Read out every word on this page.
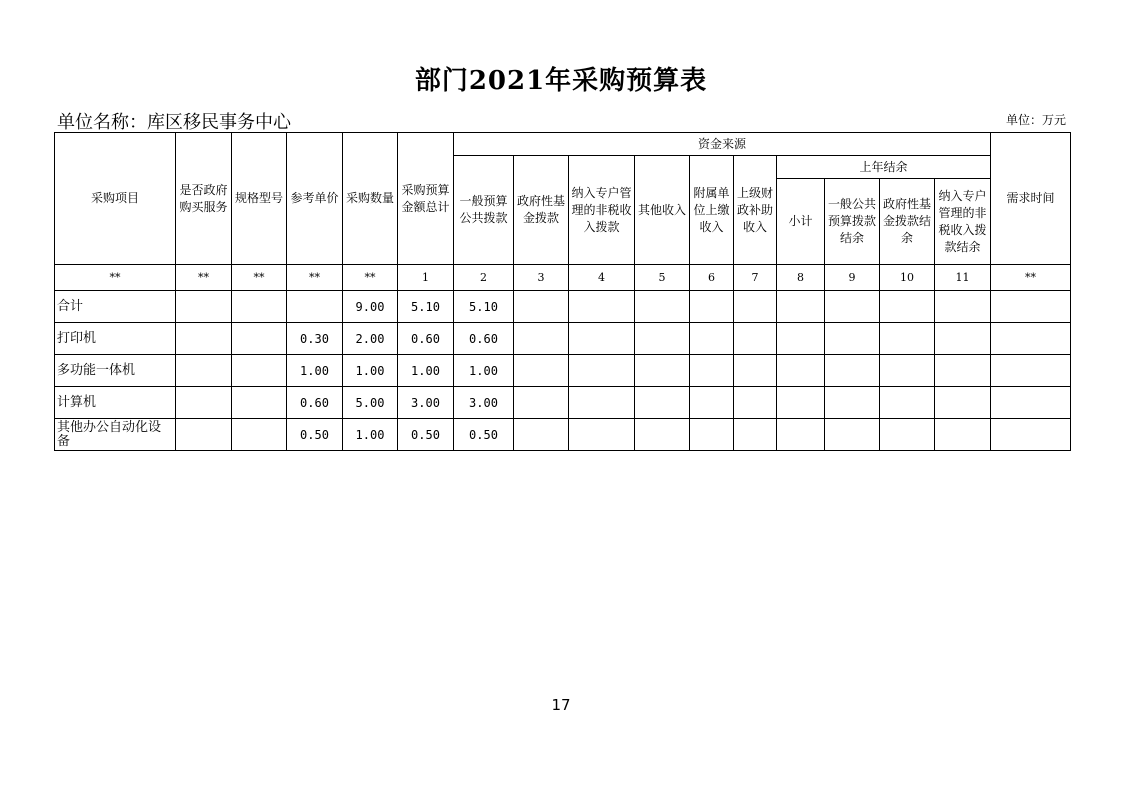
部门2021年采购预算表
单位名称：库区移民事务中心	单位：万元
采购项目	是否政府购买服务	规格型号	参考单价	采购数量	采购预算金额总计	资金来源										需求时间
						一般预算公共拨款	政府性基金拨款	纳入专户管理的非税收入拨款	其他收入	附属单位上缴收入	上级财政补助收入	上年结余				
												小计	一般公共预算拨款结余	政府性基金拨款结余	纳入专户管理的非税收入拨款结余	
**	**	**	**	**	1	2	3	4	5	6	7	8	9	10	11	**
合计				9.00	5.10	5.10										
打印机			0.30	2.00	0.60	0.60										
多功能一体机			1.00	1.00	1.00	1.00										
计算机			0.60	5.00	3.00	3.00										
其他办公自动化设备			0.50	1.00	0.50	0.50										
17
